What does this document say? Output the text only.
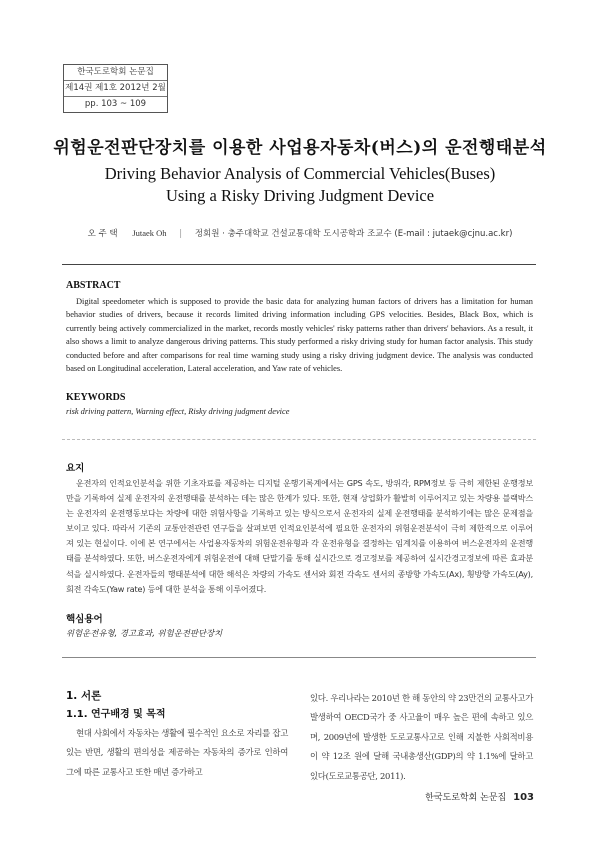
한국도로학회 논문집
제14권 제1호 2012년 2월
pp. 103 ~ 109
위험운전판단장치를 이용한 사업용자동차(버스)의 운전행태분석
Driving Behavior Analysis of Commercial Vehicles(Buses)
Using a Risky Driving Judgment Device
오 주 택 Jutaek Oh | 정회원 · 충주대학교 건설교통대학 도시공학과 조교수 (E-mail : jutaek@cjnu.ac.kr)
ABSTRACT
Digital speedometer which is supposed to provide the basic data for analyzing human factors of drivers has a limitation for human behavior studies of drivers, because it records limited driving information including GPS velocities. Besides, Black Box, which is currently being actively commercialized in the market, records mostly vehicles' risky patterns rather than drivers' behaviors. As a result, it also shows a limit to analyze dangerous driving patterns. This study performed a risky driving study for human factor analysis. This study conducted before and after comparisons for real time warning study using a risky driving judgment device. The analysis was conducted based on Longitudinal acceleration, Lateral acceleration, and Yaw rate of vehicles.
KEYWORDS
risk driving pattern, Warning effect, Risky driving judgment device
요지
운전자의 인적요인분석을 위한 기초자료를 제공하는 디지털 운행기록계에서는 GPS 속도, 방위각, RPM정보 등 극히 제한된 운행정보만을 기록하여 실제 운전자의 운전행태를 분석하는 데는 많은 한계가 있다. 또한, 현재 상업화가 활발히 이루어지고 있는 차량용 블랙박스는 운전자의 운전행동보다는 차량에 대한 위험사항을 기록하고 있는 방식으로서 운전자의 실제 운전행태를 분석하기에는 많은 문제점을 보이고 있다. 따라서 기존의 교통안전관련 연구들을 살펴보면 인적요인분석에 필요한 운전자의 위험운전분석이 극히 제한적으로 이루어져 있는 현실이다. 이에 본 연구에서는 사업용자동차의 위험운전유형과 각 운전유형을 결정하는 임계치를 이용하여 버스운전자의 운전행태를 분석하였다. 또한, 버스운전자에게 위험운전에 대해 단말기를 통해 실시간으로 경고정보를 제공하여 실시간경고정보에 따른 효과분석을 실시하였다. 운전자들의 행태분석에 대한 해석은 차량의 가속도 센서와 회전 각속도 센서의 종방향 가속도(Ax), 횡방향 가속도(Ay), 회전 각속도(Yaw rate) 등에 대한 분석을 통해 이루어졌다.
핵심용어
위험운전유형, 경고효과, 위험운전판단장치
1. 서론
1.1. 연구배경 및 목적
현대 사회에서 자동차는 생활에 필수적인 요소로 자리를 잡고 있는 반면, 생활의 편의성을 제공하는 자동차의 증가로 인하여 그에 따른 교통사고 또한 매년 증가하고
있다. 우리나라는 2010년 한 해 동안의 약 23만건의 교통사고가 발생하여 OECD국가 중 사고율이 매우 높은 편에 속하고 있으며, 2009년에 발생한 도로교통사고로 인해 지불한 사회적비용이 약 12조 원에 달해 국내총생산(GDP)의 약 1.1%에 달하고 있다(도로교통공단, 2011).
한국도로학회 논문집 103
